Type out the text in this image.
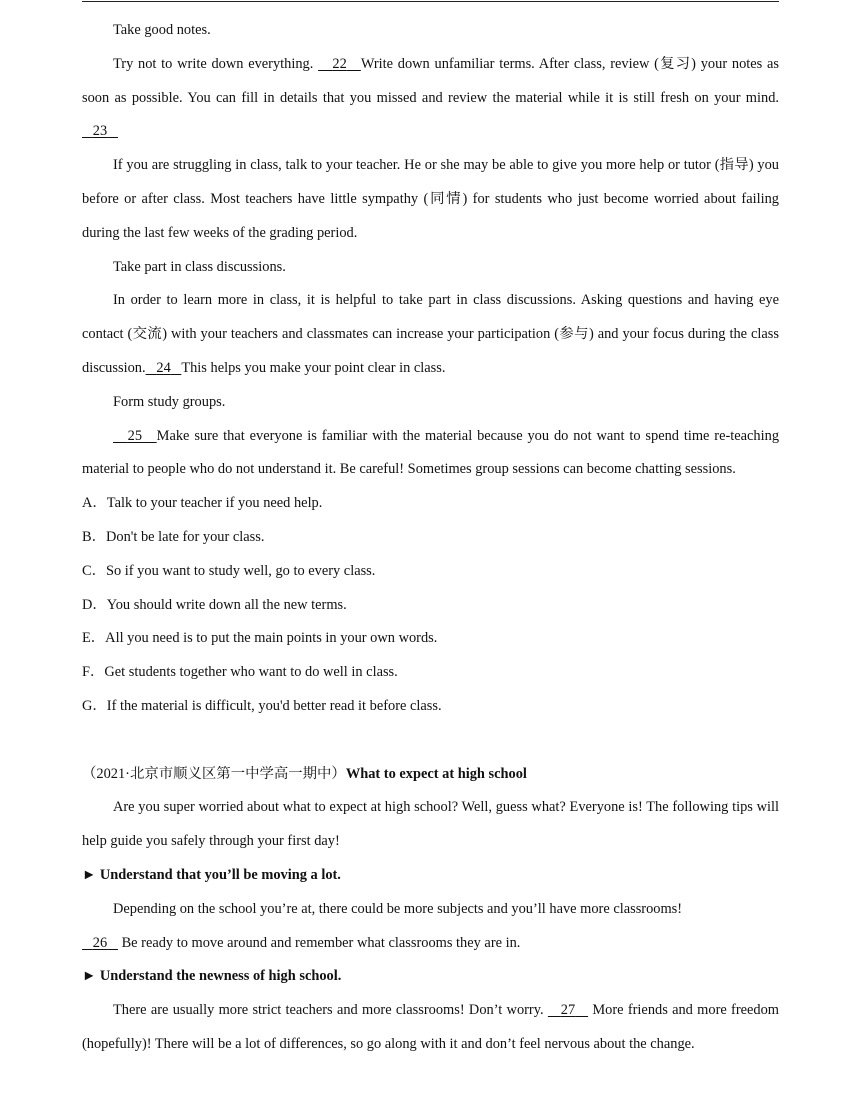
Take good notes.

Try not to write down everything.    22 Write down unfamiliar terms. After class, review (复习) your notes as soon as possible. You can fill in details that you missed and review the material while it is still fresh on your mind.    23

If you are struggling in class, talk to your teacher. He or she may be able to give you more help or tutor (指导) you before or after class. Most teachers have little sympathy (同情) for students who just become worried about failing during the last few weeks of the grading period.

Take part in class discussions.

In order to learn more in class, it is helpful to take part in class discussions. Asking questions and having eye contact (交流) with your teachers and classmates can increase your participation (参与) and your focus during the class discussion. 24 This helps you make your point clear in class.

Form study groups.

25 Make sure that everyone is familiar with the material because you do not want to spend time re-teaching material to people who do not understand it. Be careful! Sometimes group sessions can become chatting sessions.

A．Talk to your teacher if you need help.

B．Don't be late for your class.

C．So if you want to study well, go to every class.

D．You should write down all the new terms.

E．All you need is to put the main points in your own words.

F．Get students together who want to do well in class.

G．If the material is difficult, you'd better read it before class.

（2021·北京市顺义区第一中学高一期中）What to expect at high school

Are you super worried about what to expect at high school? Well, guess what? Everyone is! The following tips will help guide you safely through your first day!

► Understand that you’ll be moving a lot.

Depending on the school you’re at, there could be more subjects and you’ll have more classrooms!
26    Be ready to move around and remember what classrooms they are in.

► Understand the newness of high school.

There are usually more strict teachers and more classrooms! Don’t worry.    27    More friends and more freedom (hopefully)! There will be a lot of differences, so go along with it and don’t feel nervous about the change.
